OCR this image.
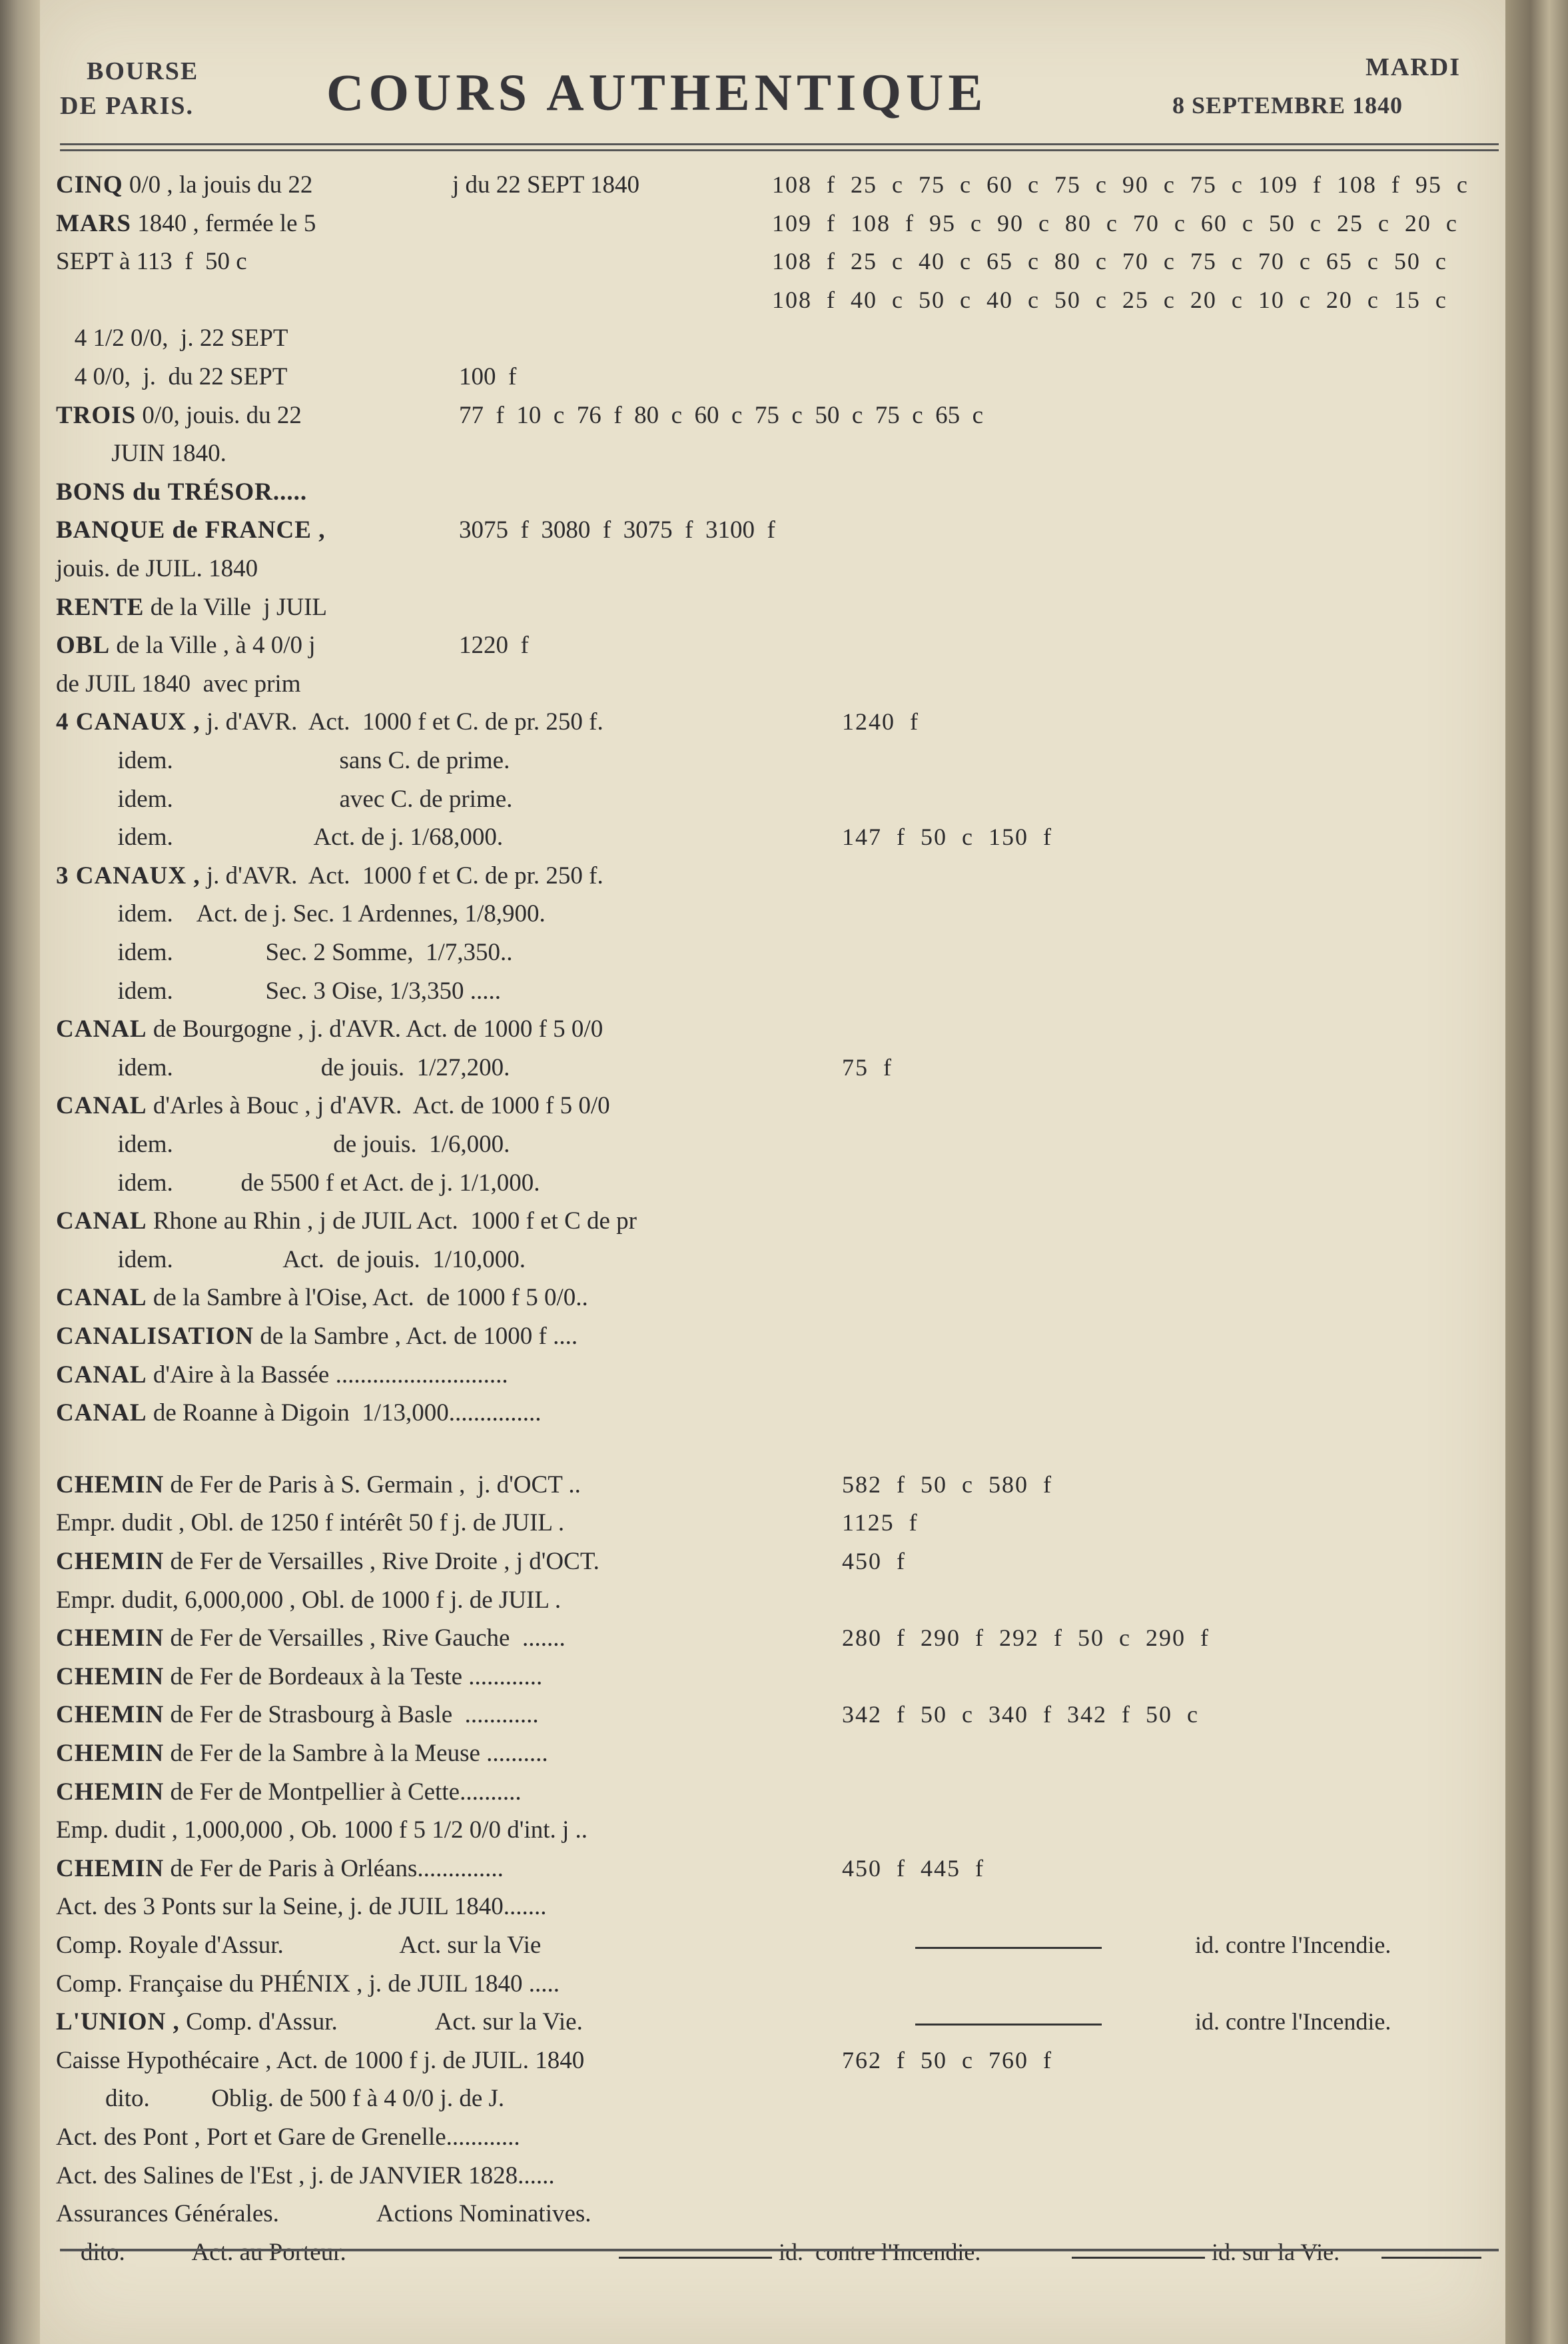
BOURSE
DE PARIS.	COURS AUTHENTIQUE	MARDI
8 SEPTEMBRE 1840
CINQ 0/0 , la jouis du 22	j du 22 SEPT 1840	108  f  25  c  75  c  60  c  75  c  90  c  75  c  109  f  108  f  95  c
MARS 1840 , fermée le 5	109  f  108  f  95  c  90  c  80  c  70  c  60  c  50  c  25  c  20  c
SEPT à 113  f  50 c	108  f  25  c  40  c  65  c  80  c  70  c  75  c  70  c  65  c  50  c
108  f  40  c  50  c  40  c  50  c  25  c  20  c  10  c  20  c  15  c
4 1/2 0/0,  j. 22 SEPT
4 0/0,  j.  du 22 SEPT	100  f
TROIS 0/0, jouis. du 22	77  f  10  c  76  f  80  c  60  c  75  c  50  c  75  c  65  c
JUIN 1840.
BONS du TRÉSOR.....
BANQUE de FRANCE ,	3075  f  3080  f  3075  f  3100  f
jouis. de JUIL. 1840
RENTE de la Ville  j JUIL
OBL de la Ville , à 4 0/0 j	1220  f
de JUIL 1840  avec prim
4 CANAUX , j. d'AVR.  Act.  1000 f et C. de pr. 250 f.	1240  f
idem.                           sans C. de prime.
idem.                           avec C. de prime.
idem.                       Act. de j. 1/68,000.	147  f  50  c  150  f
3 CANAUX , j. d'AVR.  Act.  1000 f et C. de pr. 250 f.
idem.    Act. de j. Sec. 1 Ardennes, 1/8,900.
idem.               Sec. 2 Somme,  1/7,350..
idem.               Sec. 3 Oise, 1/3,350 .....
CANAL de Bourgogne , j. d'AVR. Act. de 1000 f 5 0/0
idem.                        de jouis.  1/27,200.	75  f
CANAL d'Arles à Bouc , j d'AVR.  Act. de 1000 f 5 0/0
idem.                          de jouis.  1/6,000.
idem.           de 5500 f et Act. de j. 1/1,000.
CANAL Rhone au Rhin , j de JUIL Act.  1000 f et C de pr
idem.                  Act.  de jouis.  1/10,000.
CANAL de la Sambre à l'Oise, Act.  de 1000 f 5 0/0..
CANALISATION de la Sambre , Act. de 1000 f ....
CANAL d'Aire à la Bassée ............................
CANAL de Roanne à Digoin  1/13,000...............
CHEMIN de Fer de Paris à S. Germain ,  j. d'OCT ..	582  f  50  c  580  f
Empr. dudit , Obl. de 1250 f intérêt 50 f j. de JUIL .	1125  f
CHEMIN de Fer de Versailles , Rive Droite , j d'OCT.	450  f
Empr. dudit, 6,000,000 , Obl. de 1000 f j. de JUIL .
CHEMIN de Fer de Versailles , Rive Gauche  .......	280  f  290  f  292  f  50  c  290  f
CHEMIN de Fer de Bordeaux à la Teste ............
CHEMIN de Fer de Strasbourg à Basle  ............	342  f  50  c  340  f  342  f  50  c
CHEMIN de Fer de la Sambre à la Meuse ..........
CHEMIN de Fer de Montpellier à Cette..........
Emp. dudit , 1,000,000 , Ob. 1000 f 5 1/2 0/0 d'int. j ..
CHEMIN de Fer de Paris à Orléans..............	450  f  445  f
Act. des 3 Ponts sur la Seine, j. de JUIL 1840.......
Comp. Royale d'Assur.                   Act. sur la Vie	id. contre l'Incendie.
Comp. Française du PHÉNIX , j. de JUIL 1840 .....
L'UNION , Comp. d'Assur.                Act. sur la Vie.	id. contre l'Incendie.
Caisse Hypothécaire , Act. de 1000 f j. de JUIL. 1840	762  f  50  c  760  f
dito.          Oblig. de 500 f à 4 0/0 j. de J.
Act. des Pont , Port et Gare de Grenelle............
Act. des Salines de l'Est , j. de JANVIER 1828......
Assurances Générales.                Actions Nominatives.
dito.           Act. au Porteur.	id.  contre l'Incendie.	id. sur la Vie.
